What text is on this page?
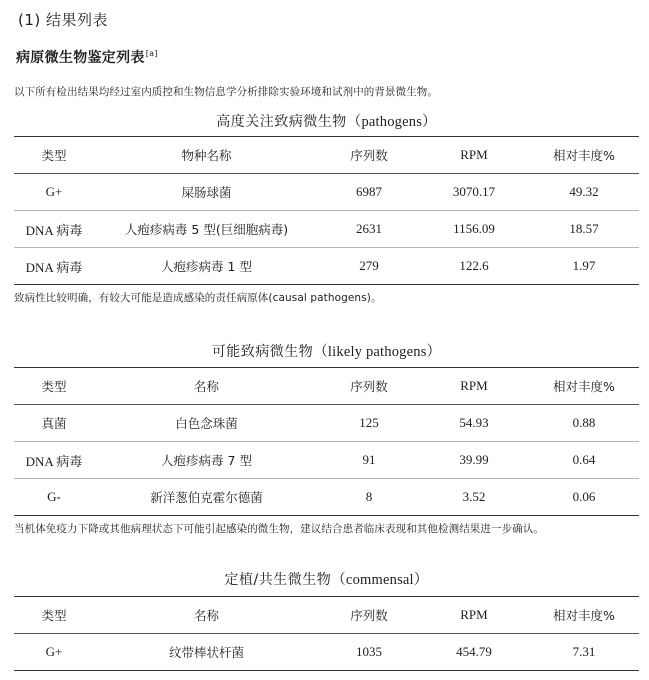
(1) 结果列表
病原微生物鉴定列表[a]
以下所有检出结果均经过室内质控和生物信息学分析排除实验环境和试剂中的背景微生物。
高度关注致病微生物（pathogens）
类型	物种名称	序列数	RPM	相对丰度%
G+	屎肠球菌	6987	3070.17	49.32
DNA 病毒	人疱疹病毒 5 型(巨细胞病毒)	2631	1156.09	18.57
DNA 病毒	人疱疹病毒 1 型	279	122.6	1.97
致病性比较明确，有较大可能是造成感染的责任病原体(causal pathogens)。
可能致病微生物（likely pathogens）
类型	名称	序列数	RPM	相对丰度%
真菌	白色念珠菌	125	54.93	0.88
DNA 病毒	人疱疹病毒 7 型	91	39.99	0.64
G-	新洋葱伯克霍尔德菌	8	3.52	0.06
当机体免疫力下降或其他病理状态下可能引起感染的微生物，建议结合患者临床表现和其他检测结果进一步确认。
定植/共生微生物（commensal）
类型	名称	序列数	RPM	相对丰度%
G+	纹带棒状杆菌	1035	454.79	7.31
